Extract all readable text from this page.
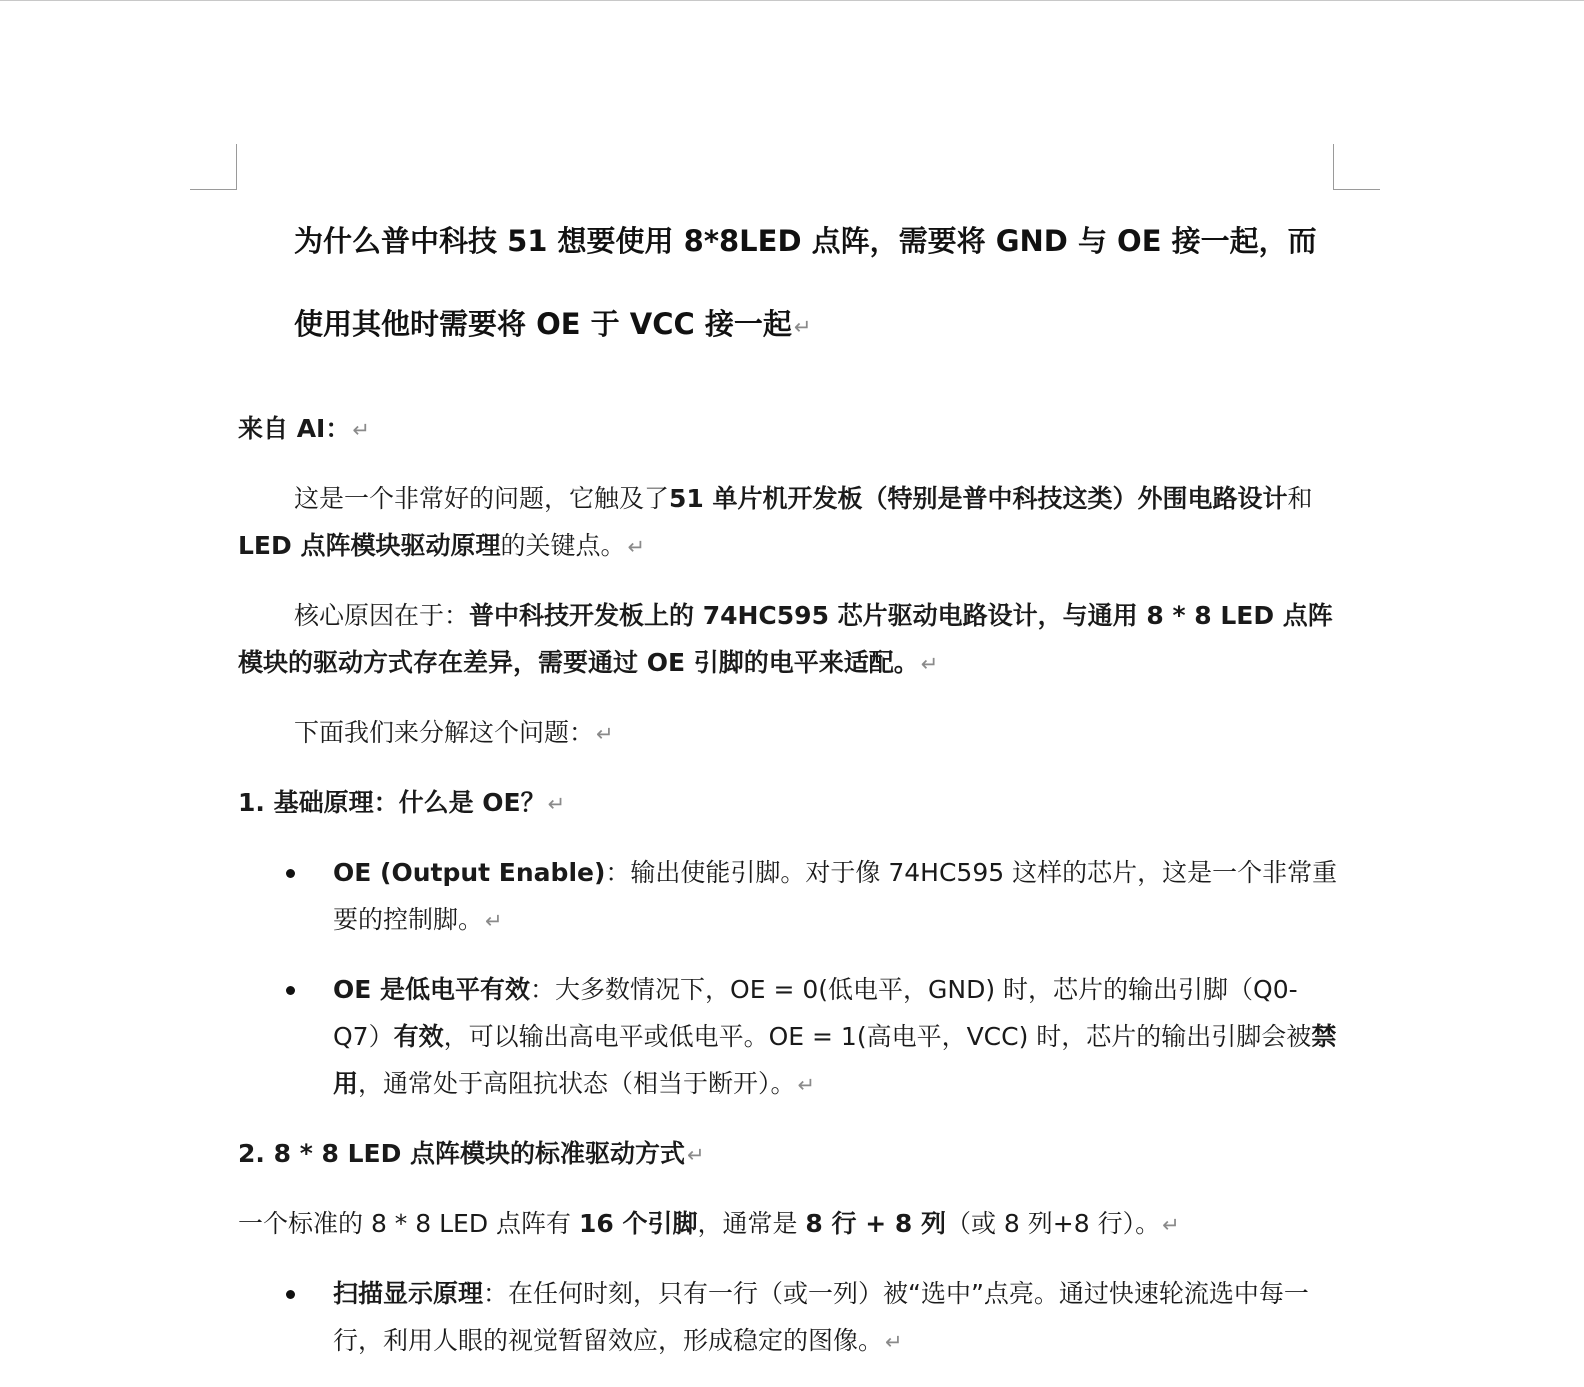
为什么普中科技 51 想要使用 8*8LED 点阵，需要将 GND 与 OE 接一起，而
使用其他时需要将 OE 于 VCC 接一起↵

来自 AI：↵

这是一个非常好的问题，它触及了51 单片机开发板（特别是普中科技这类）外围电路设计和LED 点阵模块驱动原理的关键点。↵

核心原因在于：普中科技开发板上的 74HC595 芯片驱动电路设计，与通用 8 * 8 LED 点阵模块的驱动方式存在差异，需要通过 OE 引脚的电平来适配。↵

下面我们来分解这个问题：↵

1. 基础原理：什么是 OE？↵

OE (Output Enable)：输出使能引脚。对于像 74HC595 这样的芯片，这是一个非常重要的控制脚。↵
OE 是低电平有效：大多数情况下，OE = 0(低电平，GND) 时，芯片的输出引脚（Q0-Q7）有效，可以输出高电平或低电平。OE = 1(高电平，VCC) 时，芯片的输出引脚会被禁用，通常处于高阻抗状态（相当于断开）。↵

2. 8 * 8 LED 点阵模块的标准驱动方式↵

一个标准的 8 * 8 LED 点阵有 16 个引脚，通常是 8 行 + 8 列（或 8 列+8 行）。↵

扫描显示原理：在任何时刻，只有一行（或一列）被“选中”点亮。通过快速轮流选中每一行，利用人眼的视觉暂留效应，形成稳定的图像。↵
